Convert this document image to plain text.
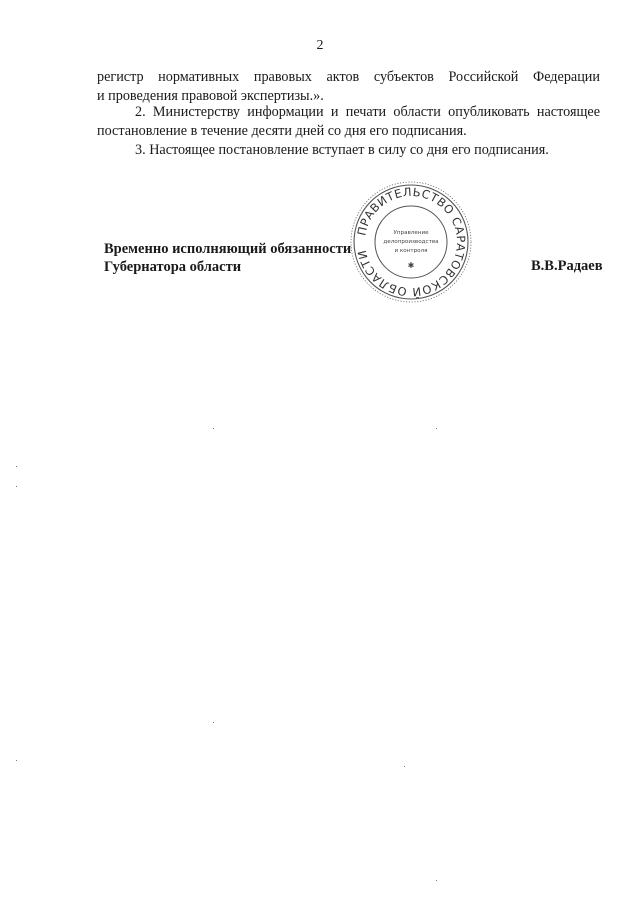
2
регистр нормативных правовых актов субъектов Российской Федерации
и проведения правовой экспертизы.».
2. Министерству информации и печати области опубликовать настоящее
постановление в течение десяти дней со дня его подписания.
3. Настоящее постановление вступает в силу со дня его подписания.
ПРАВИТЕЛЬСТВО САРАТОВСКОЙ ОБЛАСТИ
Управление
делопроизводства
и контроля
✱
Временно исполняющий обязанности
Губернатора области	В.В.Радаев
